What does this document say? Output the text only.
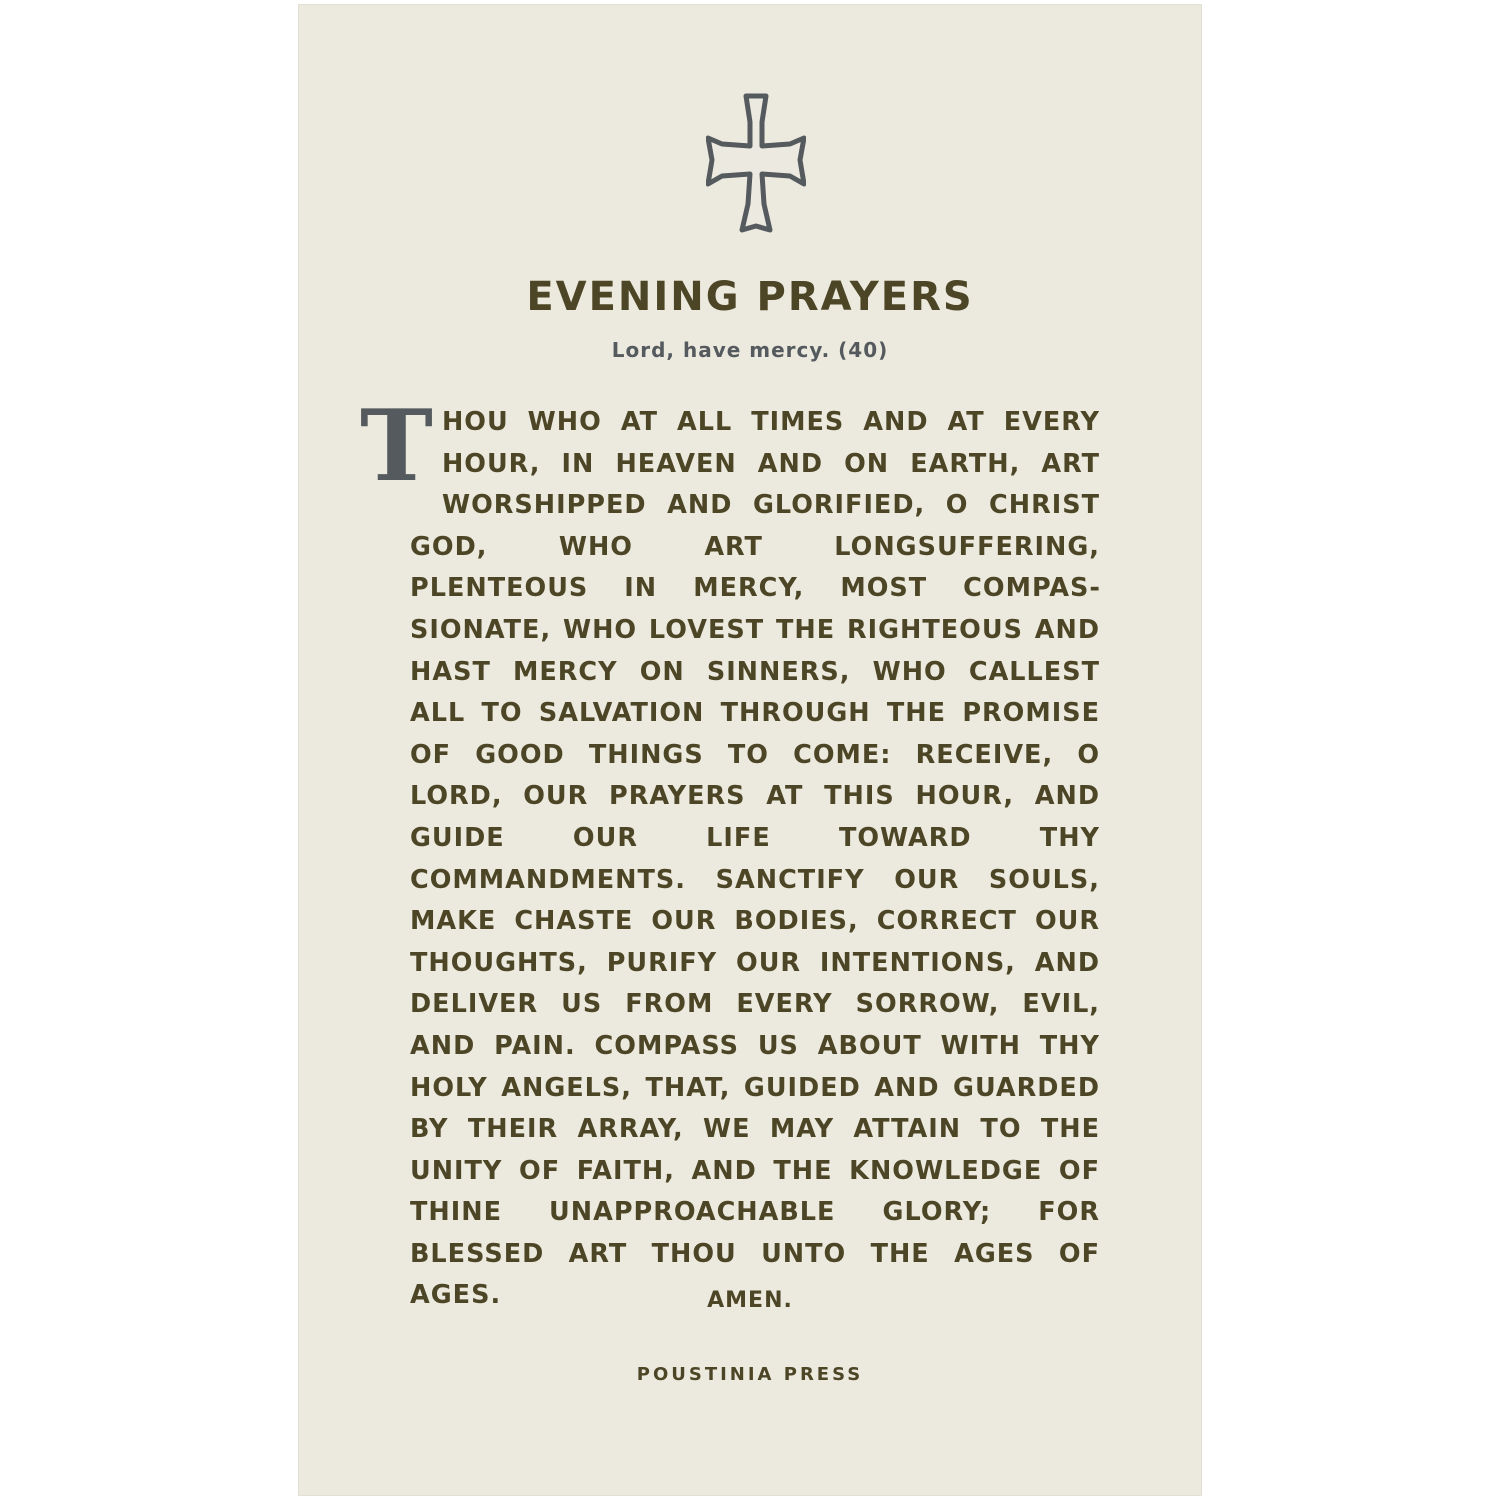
EVENING PRAYERS
Lord, have mercy. (40)
T HOU WHO AT ALL TIMES AND AT EVERY HOUR, IN HEAVEN AND ON EARTH, ART WORSHIPPED AND GLORIFIED, O CHRIST GOD, WHO ART LONGSUFFERING, PLENTEOUS IN MERCY, MOST COMPASSIONATE, WHO LOVEST THE RIGHTEOUS AND HAST MERCY ON SINNERS, WHO CALLEST ALL TO SALVATION THROUGH THE PROMISE OF GOOD THINGS TO COME: RECEIVE, O LORD, OUR PRAYERS AT THIS HOUR, AND GUIDE OUR LIFE TOWARD THY COMMANDMENTS. SANCTIFY OUR SOULS, MAKE CHASTE OUR BODIES, CORRECT OUR THOUGHTS, PURIFY OUR INTENTIONS, AND DELIVER US FROM EVERY SORROW, EVIL, AND PAIN. COMPASS US ABOUT WITH THY HOLY ANGELS, THAT, GUIDED AND GUARDED BY THEIR ARRAY, WE MAY ATTAIN TO THE UNITY OF FAITH, AND THE KNOWLEDGE OF THINE UNAPPROACHABLE GLORY; FOR BLESSED ART THOU UNTO THE AGES OF AGES.	AMEN.
POUSTINIA PRESS
